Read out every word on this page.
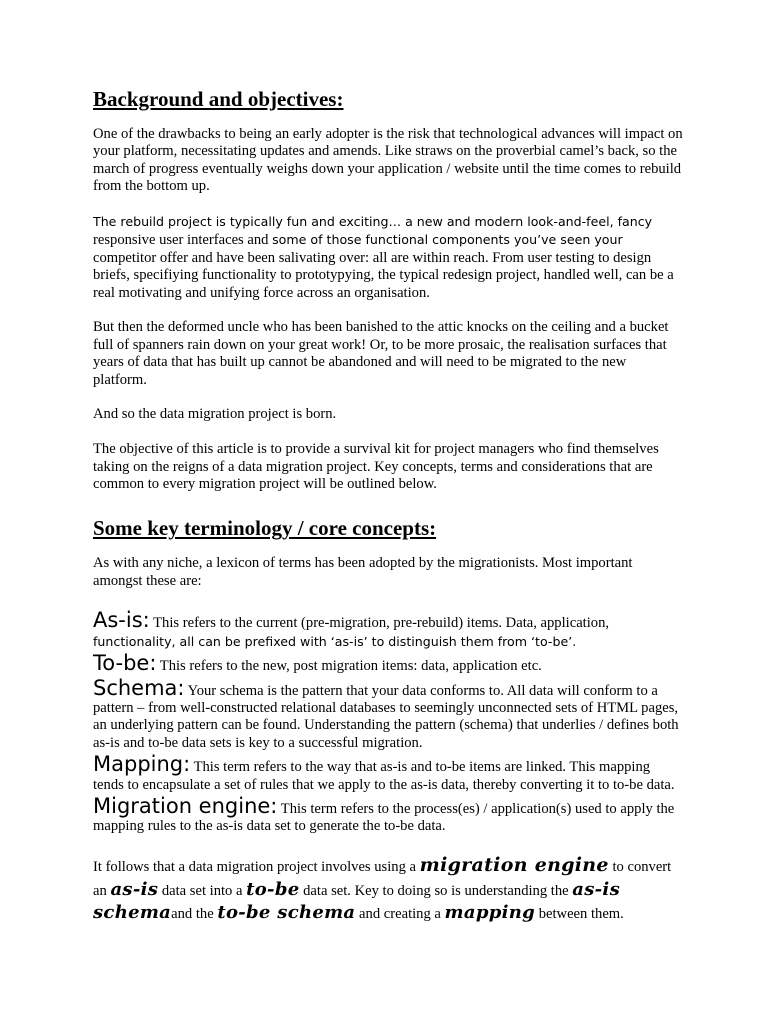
Background and objectives:

One of the drawbacks to being an early adopter is the risk that technological advances will impact on your platform, necessitating updates and amends. Like straws on the proverbial camel’s back, so the march of progress eventually weighs down your application / website until the time comes to rebuild from the bottom up.

The rebuild project is typically fun and exciting… a new and modern look-and-feel, fancy responsive user interfaces and some of those functional components you’ve seen your competitor offer and have been salivating over: all are within reach. From user testing to design briefs, specifiying functionality to prototypying, the typical redesign project, handled well, can be a real motivating and unifying force across an organisation.

But then the deformed uncle who has been banished to the attic knocks on the ceiling and a bucket full of spanners rain down on your great work! Or, to be more prosaic, the realisation surfaces that years of data that has built up cannot be abandoned and will need to be migrated to the new platform.

And so the data migration project is born.

The objective of this article is to provide a survival kit for project managers who find themselves taking on the reigns of a data migration project. Key concepts, terms and considerations that are common to every migration project will be outlined below.

Some key terminology / core concepts:

As with any niche, a lexicon of terms has been adopted by the migrationists. Most important amongst these are:

As-is: This refers to the current (pre-migration, pre-rebuild) items. Data, application, functionality, all can be prefixed with ‘as-is’ to distinguish them from ‘to-be’.
To-be: This refers to the new, post migration items: data, application etc.
Schema: Your schema is the pattern that your data conforms to. All data will conform to a pattern – from well-constructed relational databases to seemingly unconnected sets of HTML pages, an underlying pattern can be found. Understanding the pattern (schema) that underlies / defines both as-is and to-be data sets is key to a successful migration.
Mapping: This term refers to the way that as-is and to-be items are linked. This mapping tends to encapsulate a set of rules that we apply to the as-is data, thereby converting it to to-be data.
Migration engine: This term refers to the process(es) / application(s) used to apply the mapping rules to the as-is data set to generate the to-be data.

It follows that a data migration project involves using a migration engine to convert an as-is data set into a to-be data set. Key to doing so is understanding the as-is schemaand the to-be schema and creating a mapping between them.
